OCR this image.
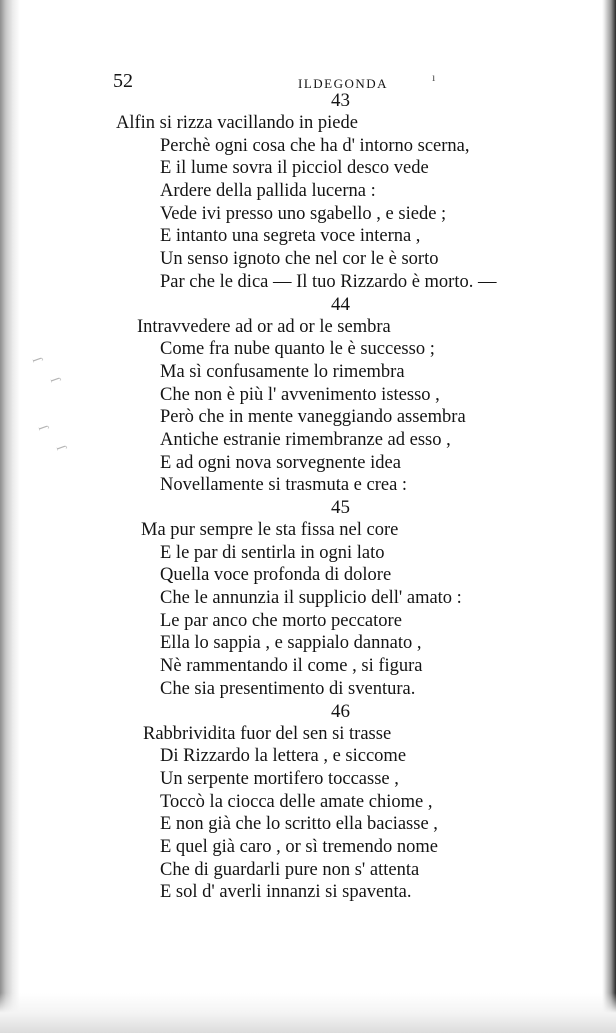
ſ
ſ
ſ
ſ
ı
52	ILDEGONDA
43
Alfin si rizza vacillando in piede
Perchè ogni cosa che ha d' intorno scerna,
E il lume sovra il picciol desco vede
Ardere della pallida lucerna :
Vede ivi presso uno sgabello , e siede ;
E intanto una segreta voce interna ,
Un senso ignoto che nel cor le è sorto
Par che le dica — Il tuo Rizzardo è morto. —
44
Intravvedere ad or ad or le sembra
Come fra nube quanto le è successo ;
Ma sì confusamente lo rimembra
Che non è più l' avvenimento istesso ,
Però che in mente vaneggiando assembra
Antiche estranie rimembranze ad esso ,
E ad ogni nova sorvegnente idea
Novellamente si trasmuta e crea :
45
Ma pur sempre le sta fissa nel core
E le par di sentirla in ogni lato
Quella voce profonda di dolore
Che le annunzia il supplicio dell' amato :
Le par anco che morto peccatore
Ella lo sappia , e sappialo dannato ,
Nè rammentando il come , si figura
Che sia presentimento di sventura.
46
Rabbrividita fuor del sen si trasse
Di Rizzardo la lettera , e siccome
Un serpente mortifero toccasse ,
Toccò la ciocca delle amate chiome ,
E non già che lo scritto ella baciasse ,
E quel già caro , or sì tremendo nome
Che di guardarli pure non s' attenta
E sol d' averli innanzi si spaventa.
